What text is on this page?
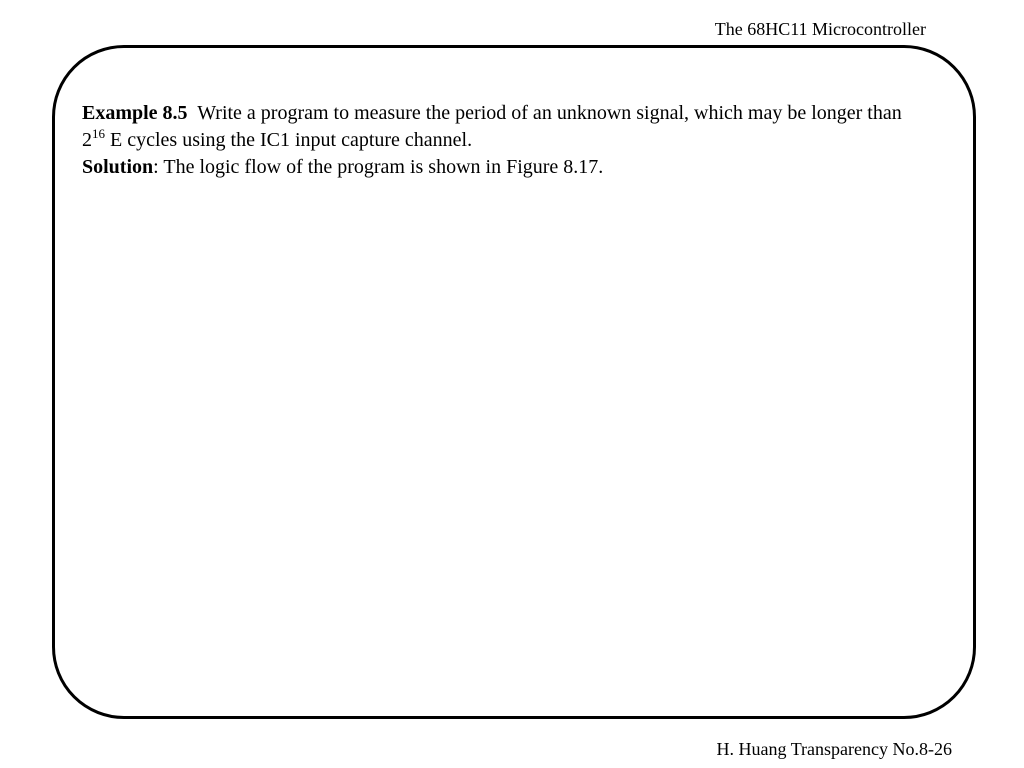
The 68HC11 Microcontroller

Example 8.5 Write a program to measure the period of an unknown signal, which may be longer than $2^{16}$ E cycles using the IC1 input capture channel.

Solution: The logic flow of the program is shown in Figure 8.17.

H. Huang Transparency No.8-26
